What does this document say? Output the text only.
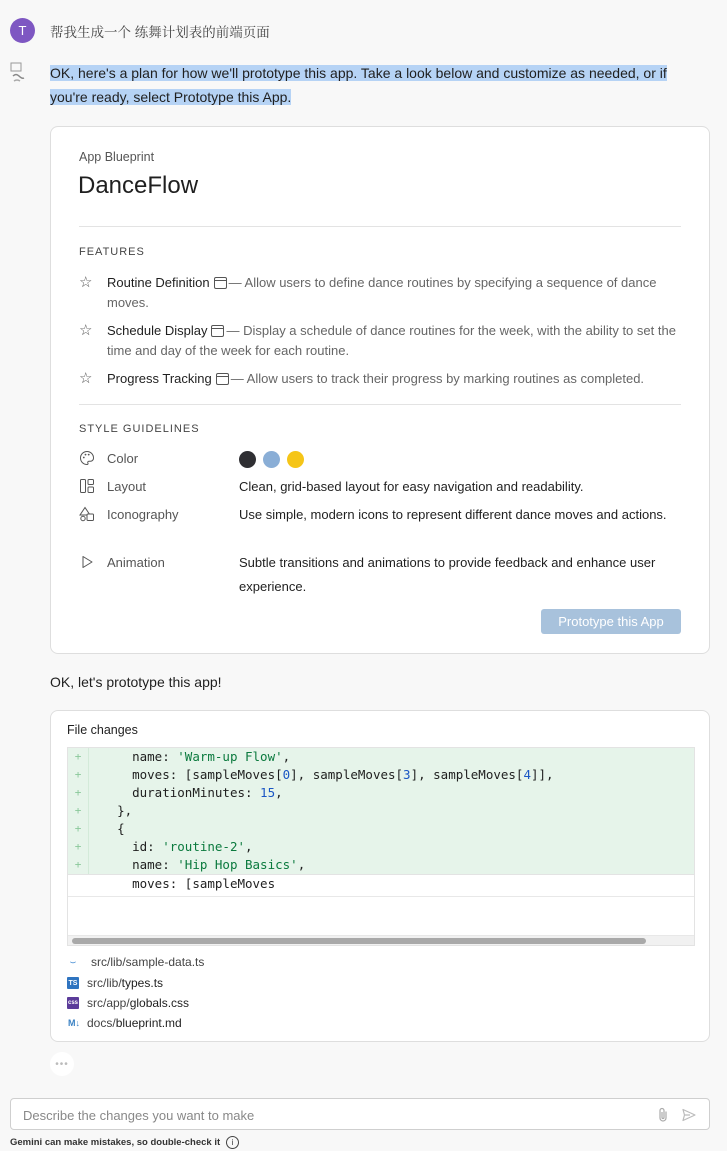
T	帮我生成一个 练舞计划表的前端页面
OK, here's a plan for how we'll prototype this app. Take a look below and customize as needed, or if you're ready, select Prototype this App.
App Blueprint
DanceFlow
FEATURES
☆ Routine Definition — Allow users to define dance routines by specifying a sequence of dance moves.
☆ Schedule Display — Display a schedule of dance routines for the week, with the ability to set the time and day of the week for each routine.
☆ Progress Tracking — Allow users to track their progress by marking routines as completed.
STYLE GUIDELINES
Color
Layout	Clean, grid-based layout for easy navigation and readability.
Iconography	Use simple, modern icons to represent different dance moves and actions.
Animation	Subtle transitions and animations to provide feedback and enhance user experience.
Prototype this App
OK, let's prototype this app!
File changes
+	name: 'Warm-up Flow',
+	moves: [sampleMoves[0], sampleMoves[3], sampleMoves[4]],
+	durationMinutes: 15,
+	},
+	{
+	id: 'routine-2',
+	name: 'Hip Hop Basics',
moves: [sampleMoves
⌣ src/lib/sample-data.ts
TS src/lib/ types.ts
css src/app/ globals.css
M↓ docs/ blueprint.md
•••
Describe the changes you want to make
Gemini can make mistakes, so double-check it	i
